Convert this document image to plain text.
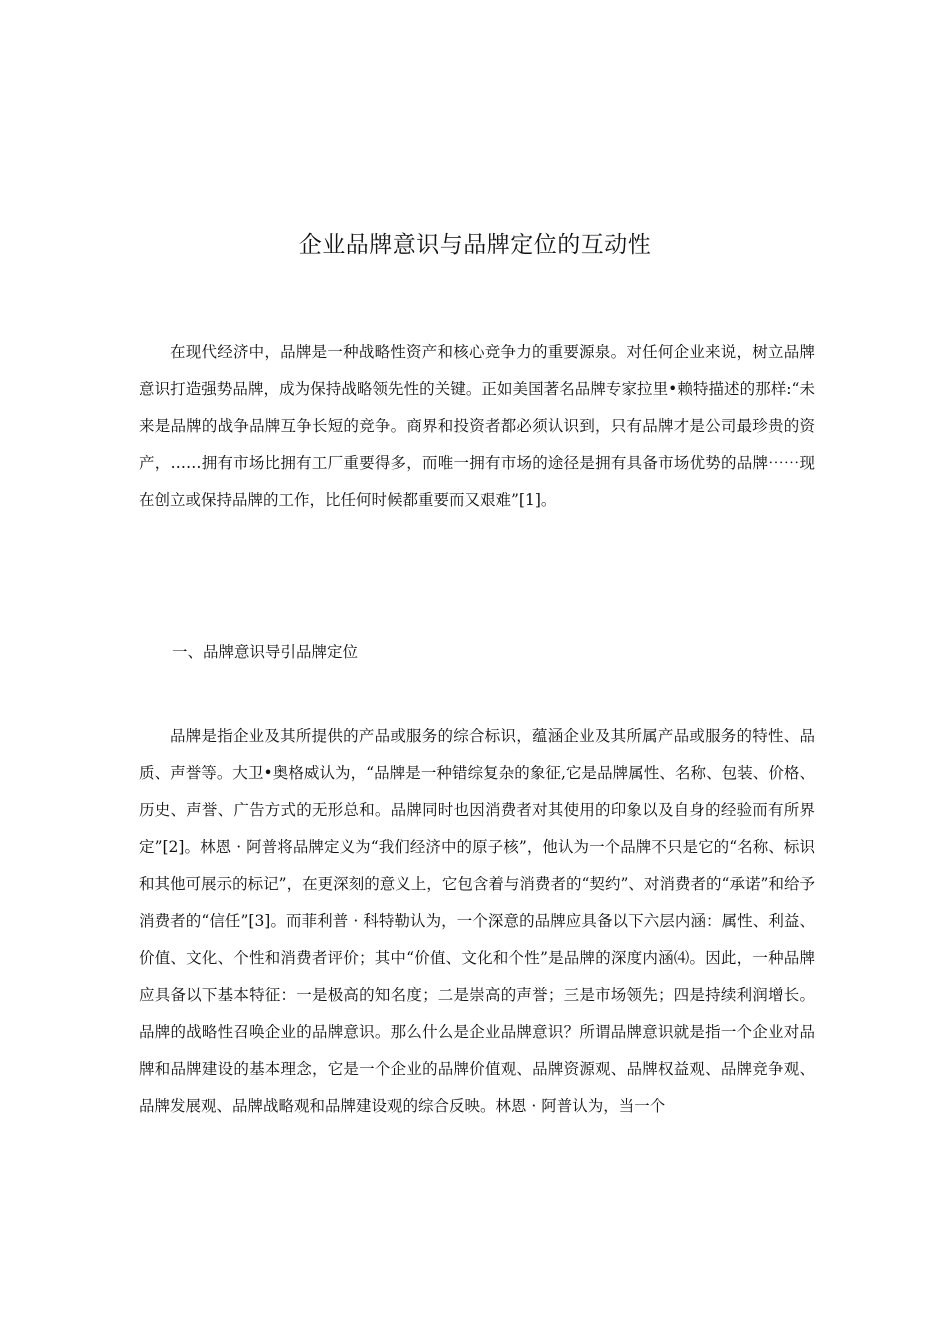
企业品牌意识与品牌定位的互动性

在现代经济中，品牌是一种战略性资产和核心竞争力的重要源泉。对任何企业来说，树立品牌意识打造强势品牌，成为保持战略领先性的关键。正如美国著名品牌专家拉里•赖特描述的那样:“未来是品牌的战争品牌互争长短的竞争。商界和投资者都必须认识到，只有品牌才是公司最珍贵的资产，……拥有市场比拥有工厂重要得多，而唯一拥有市场的途径是拥有具备市场优势的品牌⋯⋯现在创立或保持品牌的工作，比任何时候都重要而又艰难”[1]。

一、品牌意识导引品牌定位

品牌是指企业及其所提供的产品或服务的综合标识，蕴涵企业及其所属产品或服务的特性、品质、声誉等。大卫•奥格威认为，“品牌是一种错综复杂的象征,它是品牌属性、名称、包装、价格、历史、声誉、广告方式的无形总和。品牌同时也因消费者对其使用的印象以及自身的经验而有所界定”[2]。林恩 · 阿普将品牌定义为“我们经济中的原子核”，他认为一个品牌不只是它的“名称、标识和其他可展示的标记”，在更深刻的意义上，它包含着与消费者的“契约”、对消费者的“承诺”和给予消费者的“信任”[3]。而菲利普 · 科特勒认为，一个深意的品牌应具备以下六层内涵：属性、利益、价值、文化、个性和消费者评价；其中“价值、文化和个性”是品牌的深度内涵⑷。因此，一种品牌应具备以下基本特征：一是极高的知名度；二是崇高的声誉；三是市场领先；四是持续利润增长。品牌的战略性召唤企业的品牌意识。那么什么是企业品牌意识？所谓品牌意识就是指一个企业对品牌和品牌建设的基本理念，它是一个企业的品牌价值观、品牌资源观、品牌权益观、品牌竞争观、品牌发展观、品牌战略观和品牌建设观的综合反映。林恩 · 阿普认为，当一个
